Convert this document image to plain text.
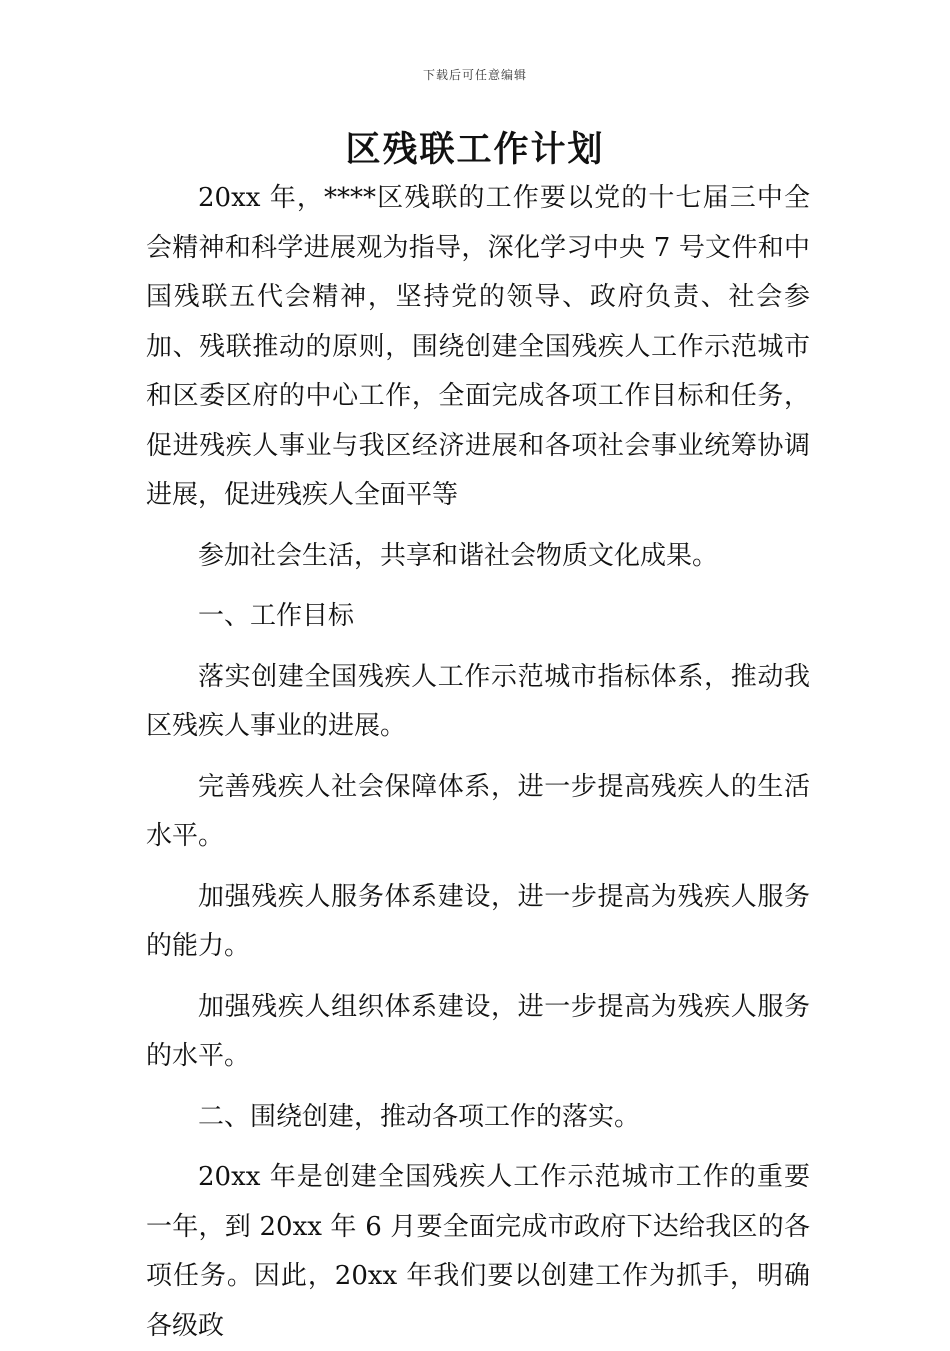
下载后可任意编辑
区残联工作计划

20xx 年，****区残联的工作要以党的十七届三中全会精神和科学进展观为指导，深化学习中央 7 号文件和中国残联五代会精神，坚持党的领导、政府负责、社会参加、残联推动的原则，围绕创建全国残疾人工作示范城市和区委区府的中心工作，全面完成各项工作目标和任务，促进残疾人事业与我区经济进展和各项社会事业统筹协调进展，促进残疾人全面平等

参加社会生活，共享和谐社会物质文化成果。

一、工作目标

落实创建全国残疾人工作示范城市指标体系，推动我区残疾人事业的进展。

完善残疾人社会保障体系，进一步提高残疾人的生活水平。

加强残疾人服务体系建设，进一步提高为残疾人服务的能力。

加强残疾人组织体系建设，进一步提高为残疾人服务的水平。

二、围绕创建，推动各项工作的落实。

20xx 年是创建全国残疾人工作示范城市工作的重要一年，到 20xx 年 6 月要全面完成市政府下达给我区的各项任务。因此，20xx 年我们要以创建工作为抓手，明确各级政
